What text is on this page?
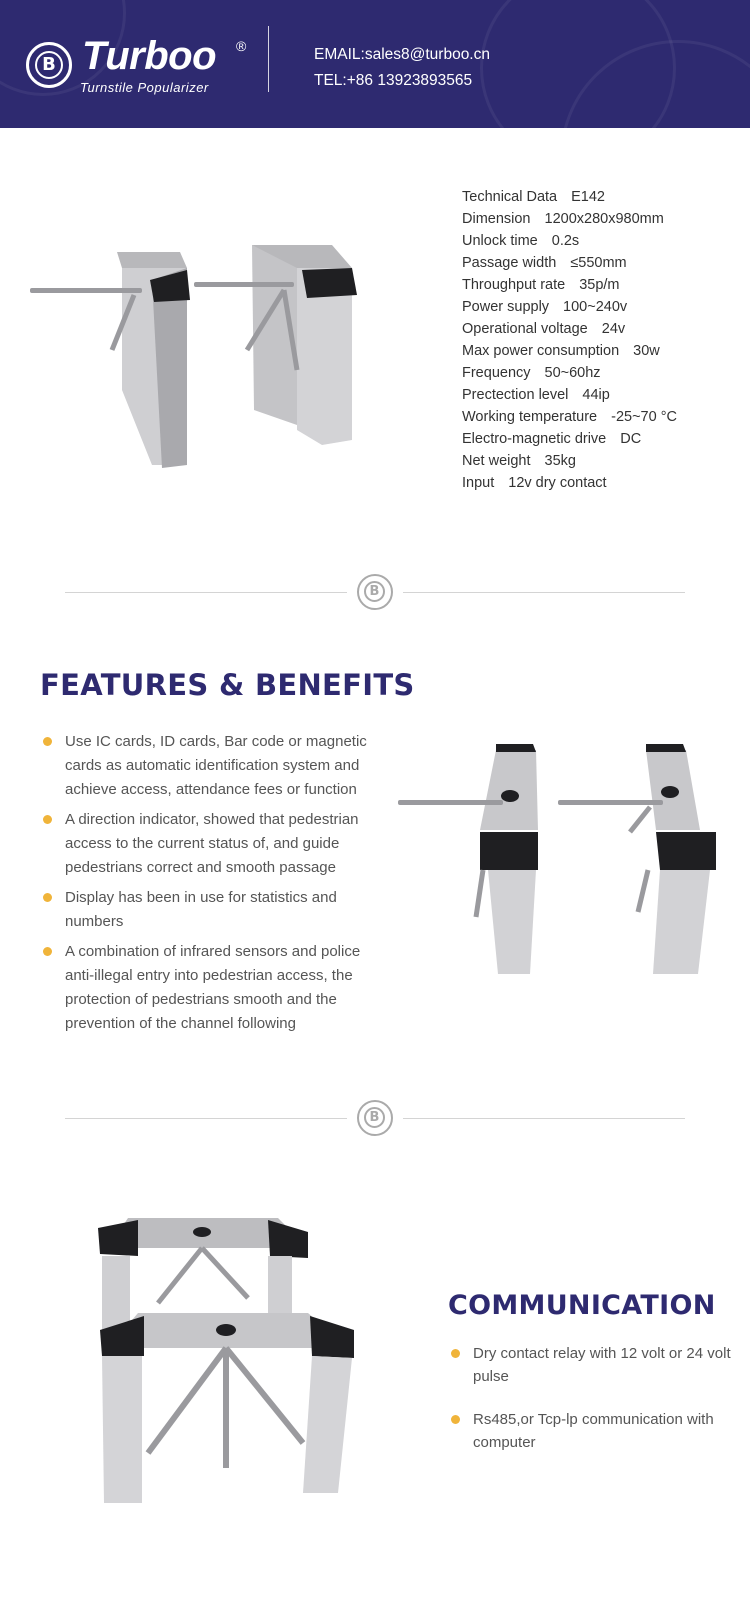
B Turboo ®
Turnstile Popularizer
EMAIL:sales8@turboo.cn
TEL:+86 13923893565
Technical Data E142
Dimension 1200x280x980mm
Unlock time 0.2s
Passage width ≤550mm
Throughput rate 35p/m
Power supply 100~240v
Operational voltage 24v
Max power consumption 30w
Frequency 50~60hz
Prectection level 44ip
Working temperature -25~70 °C
Electro-magnetic drive DC
Net weight 35kg
Input 12v dry contact
B
FEATURES & BENEFITS
Use IC cards, ID cards, Bar code or magnetic cards as automatic identification system and achieve access, attendance fees or function
A direction indicator, showed that pedestrian access to the current status of, and guide pedestrians correct and smooth passage
Display has been in use for statistics and numbers
A combination of infrared sensors and police anti-illegal entry into pedestrian access, the protection of pedestrians smooth and the prevention of the channel following
B
COMMUNICATION
Dry contact relay with 12 volt or 24 volt pulse
Rs485,or Tcp-lp communication with computer
